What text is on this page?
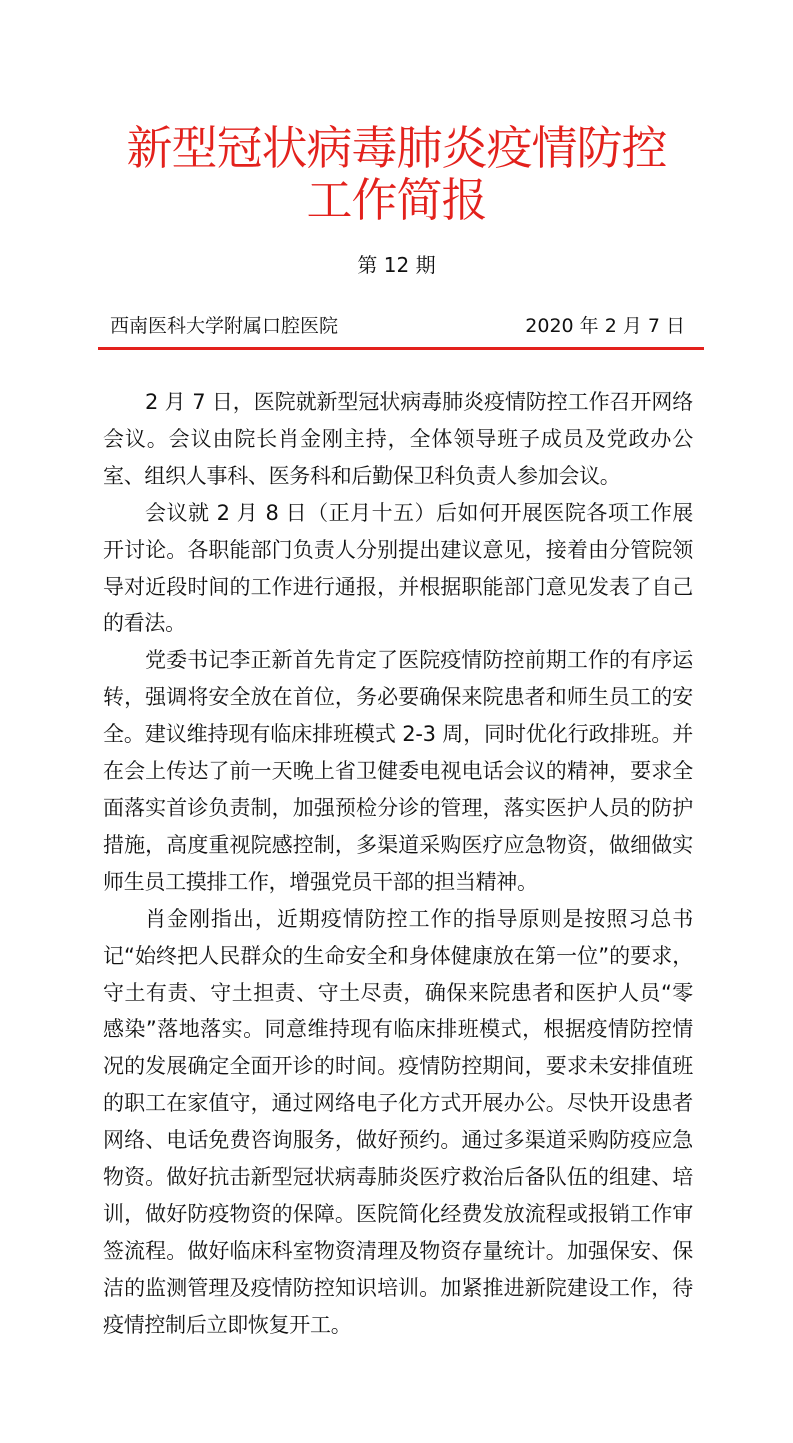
新型冠状病毒肺炎疫情防控
工作简报
第 12 期
西南医科大学附属口腔医院	2020 年 2 月 7 日

2 月 7 日，医院就新型冠状病毒肺炎疫情防控工作召开网络会议。会议由院长肖金刚主持，全体领导班子成员及党政办公室、组织人事科、医务科和后勤保卫科负责人参加会议。

会议就 2 月 8 日（正月十五）后如何开展医院各项工作展开讨论。各职能部门负责人分别提出建议意见，接着由分管院领导对近段时间的工作进行通报，并根据职能部门意见发表了自己的看法。

党委书记李正新首先肯定了医院疫情防控前期工作的有序运转，强调将安全放在首位，务必要确保来院患者和师生员工的安全。建议维持现有临床排班模式 2-3 周，同时优化行政排班。并在会上传达了前一天晚上省卫健委电视电话会议的精神，要求全面落实首诊负责制，加强预检分诊的管理，落实医护人员的防护措施，高度重视院感控制，多渠道采购医疗应急物资，做细做实师生员工摸排工作，增强党员干部的担当精神。

肖金刚指出，近期疫情防控工作的指导原则是按照习总书记“始终把人民群众的生命安全和身体健康放在第一位”的要求，守土有责、守土担责、守土尽责，确保来院患者和医护人员“零感染”落地落实。同意维持现有临床排班模式，根据疫情防控情况的发展确定全面开诊的时间。疫情防控期间，要求未安排值班的职工在家值守，通过网络电子化方式开展办公。尽快开设患者网络、电话免费咨询服务，做好预约。通过多渠道采购防疫应急物资。做好抗击新型冠状病毒肺炎医疗救治后备队伍的组建、培训，做好防疫物资的保障。医院简化经费发放流程或报销工作审签流程。做好临床科室物资清理及物资存量统计。加强保安、保洁的监测管理及疫情防控知识培训。加紧推进新院建设工作，待疫情控制后立即恢复开工。
